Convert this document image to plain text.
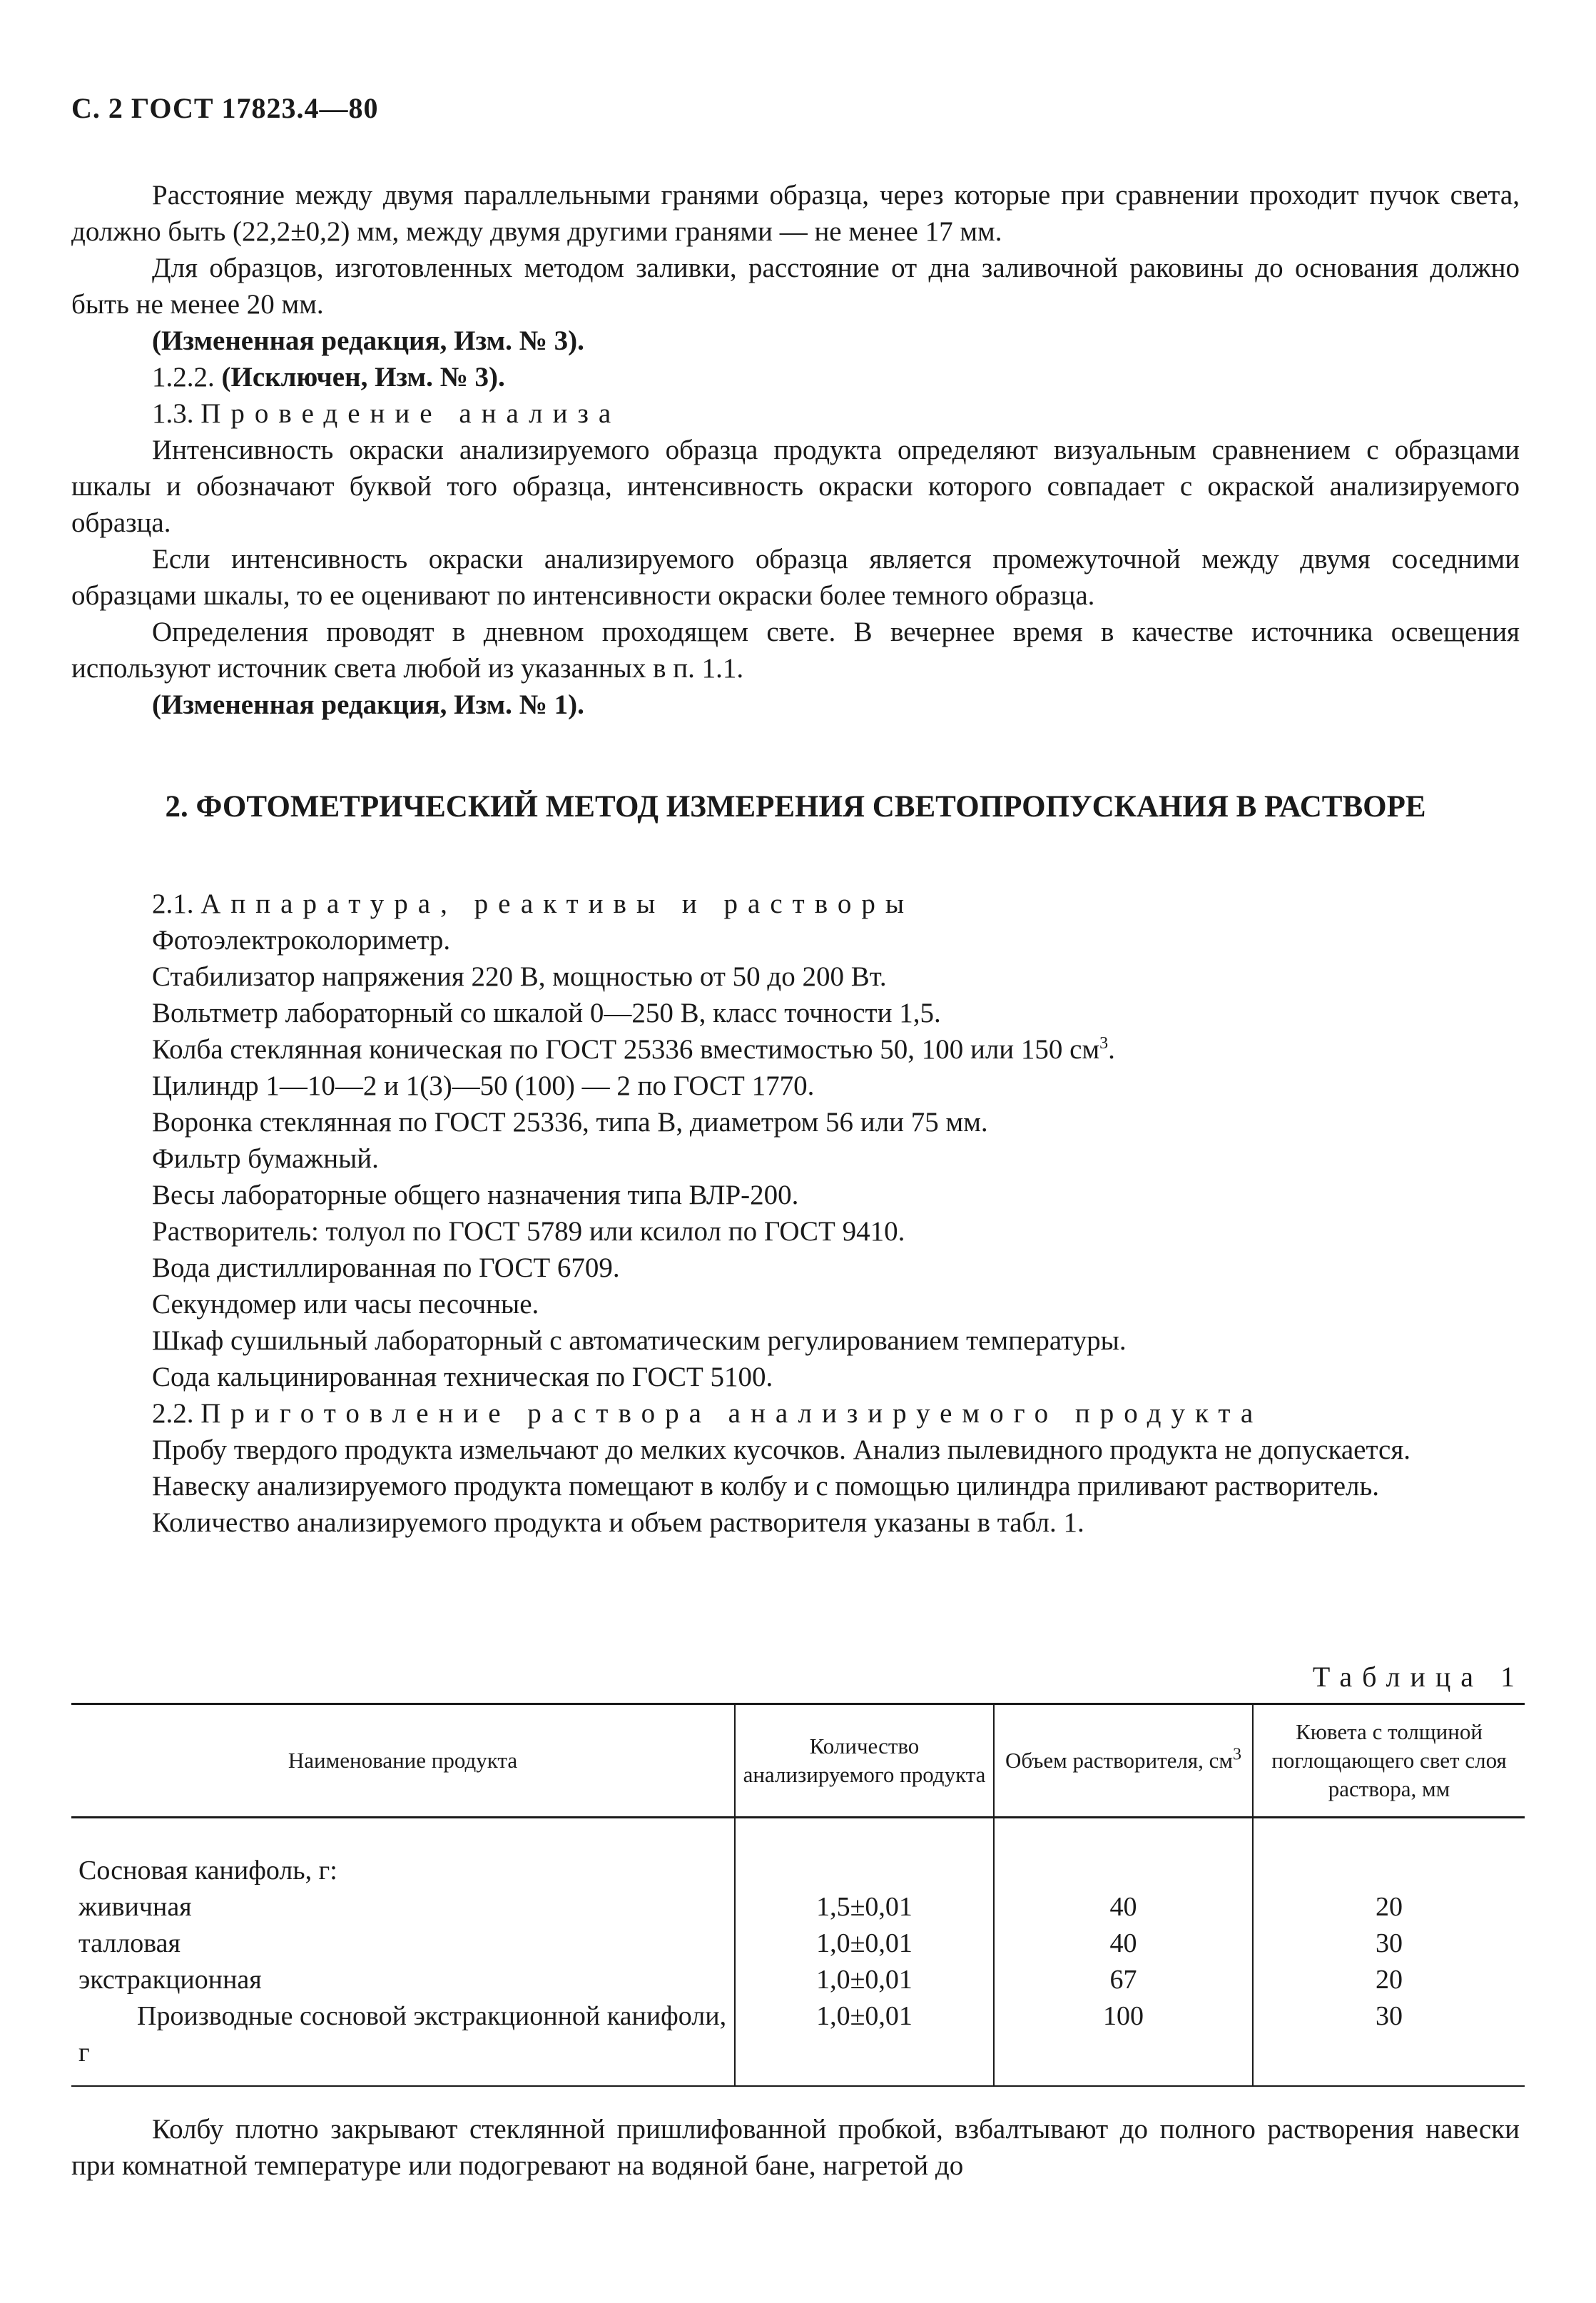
С. 2 ГОСТ 17823.4—80

Расстояние между двумя параллельными гранями образца, через которые при сравнении проходит пучок света, должно быть (22,2±0,2) мм, между двумя другими гранями — не менее 17 мм.

Для образцов, изготовленных методом заливки, расстояние от дна заливочной раковины до основания должно быть не менее 20 мм.

(Измененная редакция, Изм. № 3).

1.2.2. (Исключен, Изм. № 3).

1.3. Проведение анализа

Интенсивность окраски анализируемого образца продукта определяют визуальным сравнением с образцами шкалы и обозначают буквой того образца, интенсивность окраски которого совпадает с окраской анализируемого образца.

Если интенсивность окраски анализируемого образца является промежуточной между двумя соседними образцами шкалы, то ее оценивают по интенсивности окраски более темного образца.

Определения проводят в дневном проходящем свете. В вечернее время в качестве источника освещения используют источник света любой из указанных в п. 1.1.

(Измененная редакция, Изм. № 1).

2. ФОТОМЕТРИЧЕСКИЙ МЕТОД ИЗМЕРЕНИЯ СВЕТОПРОПУСКАНИЯ В РАСТВОРЕ

2.1. Аппаратура, реактивы и растворы

Фотоэлектроколориметр.

Стабилизатор напряжения 220 В, мощностью от 50 до 200 Вт.

Вольтметр лабораторный со шкалой 0—250 В, класс точности 1,5.

Колба стеклянная коническая по ГОСТ 25336 вместимостью 50, 100 или 150 $см^3$.

Цилиндр 1—10—2 и 1(3)—50 (100) — 2 по ГОСТ 1770.

Воронка стеклянная по ГОСТ 25336, типа В, диаметром 56 или 75 мм.

Фильтр бумажный.

Весы лабораторные общего назначения типа ВЛР-200.

Растворитель: толуол по ГОСТ 5789 или ксилол по ГОСТ 9410.

Вода дистиллированная по ГОСТ 6709.

Секундомер или часы песочные.

Шкаф сушильный лабораторный с автоматическим регулированием температуры.

Сода кальцинированная техническая по ГОСТ 5100.

2.2. Приготовление раствора анализируемого продукта

Пробу твердого продукта измельчают до мелких кусочков. Анализ пылевидного продукта не допускается.

Навеску анализируемого продукта помещают в колбу и с помощью цилиндра приливают растворитель.

Количество анализируемого продукта и объем растворителя указаны в табл. 1.

Таблица 1
Наименование продукта	Количество анализируемого продукта	Объем растворителя, $см^3$	Кювета с толщиной поглощающего свет слоя раствора, мм
Сосновая канифоль, г:			
живичная	1,5±0,01	40	20
талловая	1,0±0,01	40	30
экстракционная	1,0±0,01	67	20
Производные сосновой экстракционной канифоли, г	1,0±0,01	100	30

Колбу плотно закрывают стеклянной пришлифованной пробкой, взбалтывают до полного растворения навески при комнатной температуре или подогревают на водяной бане, нагретой до
